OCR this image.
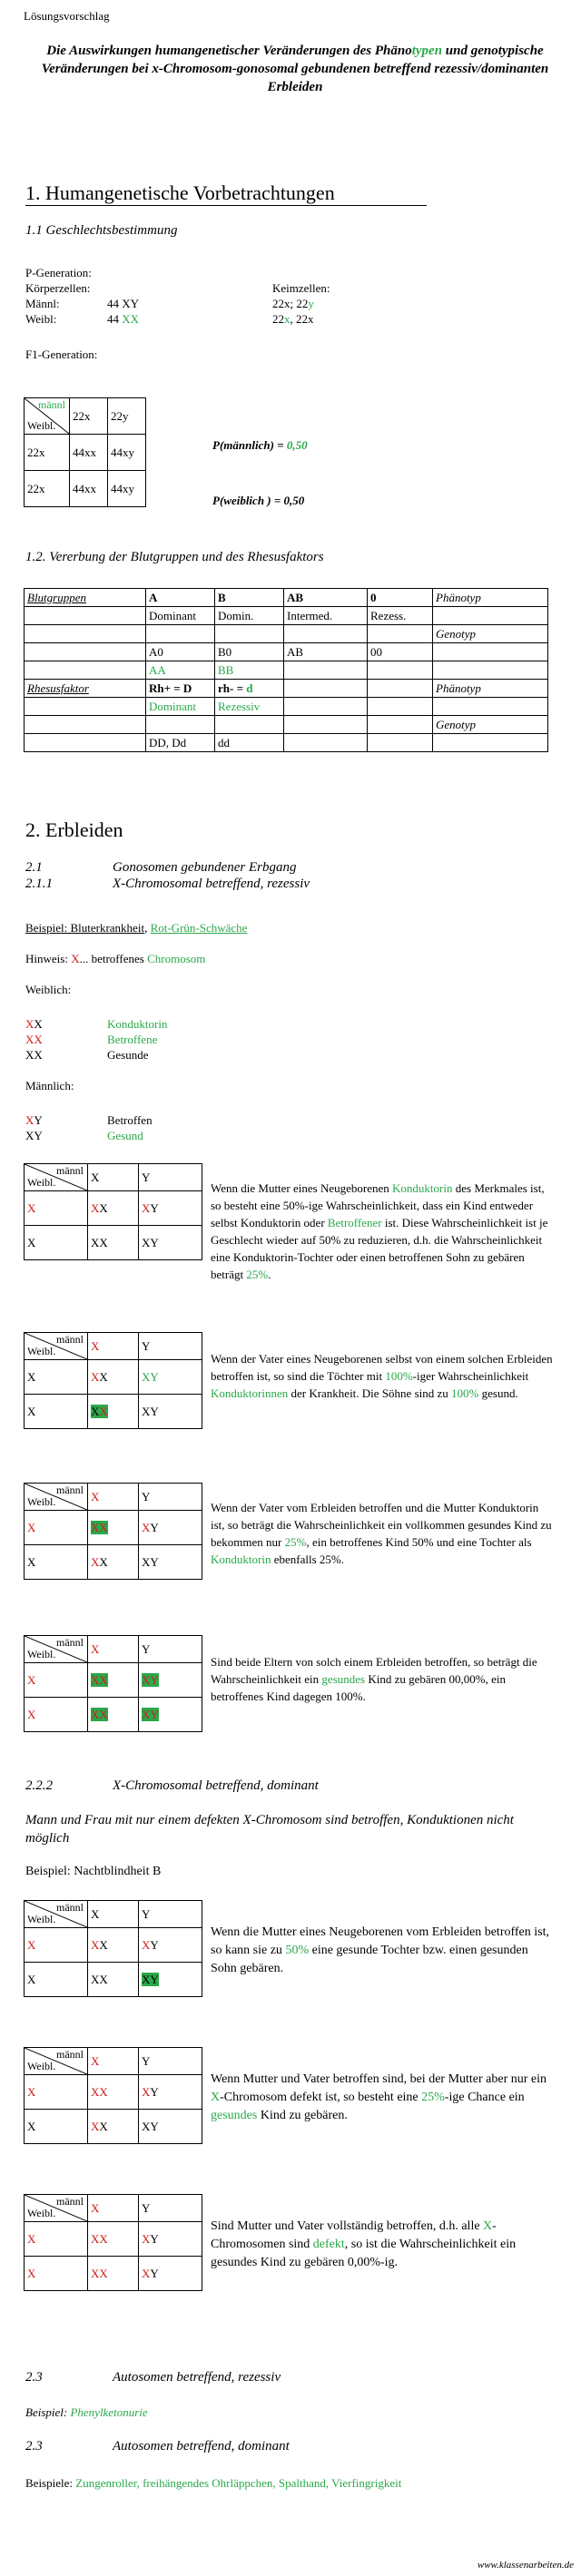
Lösungsvorschlag
Die Auswirkungen humangenetischer Veränderungen des Phänotypen und genotypische Veränderungen bei x-Chromosom-gonosomal gebundenen betreffend rezessiv/dominanten Erbleiden
1. Humangenetische Vorbetrachtungen
1.1 Geschlechtsbestimmung
P-Generation:
Körperzellen:	Keimzellen:
Männl:	44 XY	22x; 22y
Weibl:	44 XX	22x, 22x
F1-Generation:
männl
Weibl.	22x	22y
22x	44xx	44xy
22x	44xx	44xy
P(männlich) = 0,50
P(weiblich ) = 0,50
1.2. Vererbung der Blutgruppen und des Rhesusfaktors
Blutgruppen	A	B	AB	0	Phänotyp
	Dominant	Domin.	Intermed.	Rezess.	
					Genotyp
	A0	B0	AB	00	
	AA	BB			
Rhesusfaktor	Rh+ = D	rh- = d			Phänotyp
	Dominant	Rezessiv			
					Genotyp
	DD, Dd	dd			
2. Erbleiden
2.1	Gonosomen gebundener Erbgang
2.1.1	X-Chromosomal betreffend, rezessiv
Beispiel: Bluterkrankheit, Rot-Grün-Schwäche
Hinweis: X... betroffenes Chromosom
Weiblich:
XX	Konduktorin
XX	Betroffene
XX	Gesunde
Männlich:
XY	Betroffen
XY	Gesund
männl
Weibl.	X	Y
X	XX	XY
X	XX	XY
Wenn die Mutter eines Neugeborenen Konduktorin des Merkmales ist, so besteht eine 50%-ige Wahrscheinlichkeit, dass ein Kind entweder selbst Konduktorin oder Betroffener ist. Diese Wahrscheinlichkeit ist je Geschlecht wieder auf 50% zu reduzieren, d.h. die Wahrscheinlichkeit eine Konduktorin-Tochter oder einen betroffenen Sohn zu gebären beträgt 25%.
männl
Weibl.	X	Y
X	XX	XY
X	XX	XY
Wenn der Vater eines Neugeborenen selbst von einem solchen Erbleiden betroffen ist, so sind die Töchter mit 100%-iger Wahrscheinlichkeit Konduktorinnen der Krankheit. Die Söhne sind zu 100% gesund.
männl
Weibl.	X	Y
X	XX	XY
X	XX	XY
Wenn der Vater vom Erbleiden betroffen und die Mutter Konduktorin ist, so beträgt die Wahrscheinlichkeit ein vollkommen gesundes Kind zu bekommen nur 25%, ein betroffenes Kind 50% und eine Tochter als Konduktorin ebenfalls 25%.
männl
Weibl.	X	Y
X	XX	XY
X	XX	XY
Sind beide Eltern von solch einem Erbleiden betroffen, so beträgt die Wahrscheinlichkeit ein gesundes Kind zu gebären 00,00%, ein betroffenes Kind dagegen 100%.
2.2.2	X-Chromosomal betreffend, dominant
Mann und Frau mit nur einem defekten X-Chromosom sind betroffen, Konduktionen nicht möglich
Beispiel: Nachtblindheit B
männl
Weibl.	X	Y
X	XX	XY
X	XX	XY
Wenn die Mutter eines Neugeborenen vom Erbleiden betroffen ist, so kann sie zu 50% eine gesunde Tochter bzw. einen gesunden Sohn gebären.
männl
Weibl.	X	Y
X	XX	XY
X	XX	XY
Wenn Mutter und Vater betroffen sind, bei der Mutter aber nur ein X-Chromosom defekt ist, so besteht eine 25%-ige Chance ein gesundes Kind zu gebären.
männl
Weibl.	X	Y
X	XX	XY
X	XX	XY
Sind Mutter und Vater vollständig betroffen, d.h. alle X-Chromosomen sind defekt, so ist die Wahrscheinlichkeit ein gesundes Kind zu gebären 0,00%-ig.
2.3	Autosomen betreffend, rezessiv
Beispiel: Phenylketonurie
2.3	Autosomen betreffend, dominant
Beispiele: Zungenroller, freihängendes Ohrläppchen, Spalthand, Vierfingrigkeit
www.klassenarbeiten.de
